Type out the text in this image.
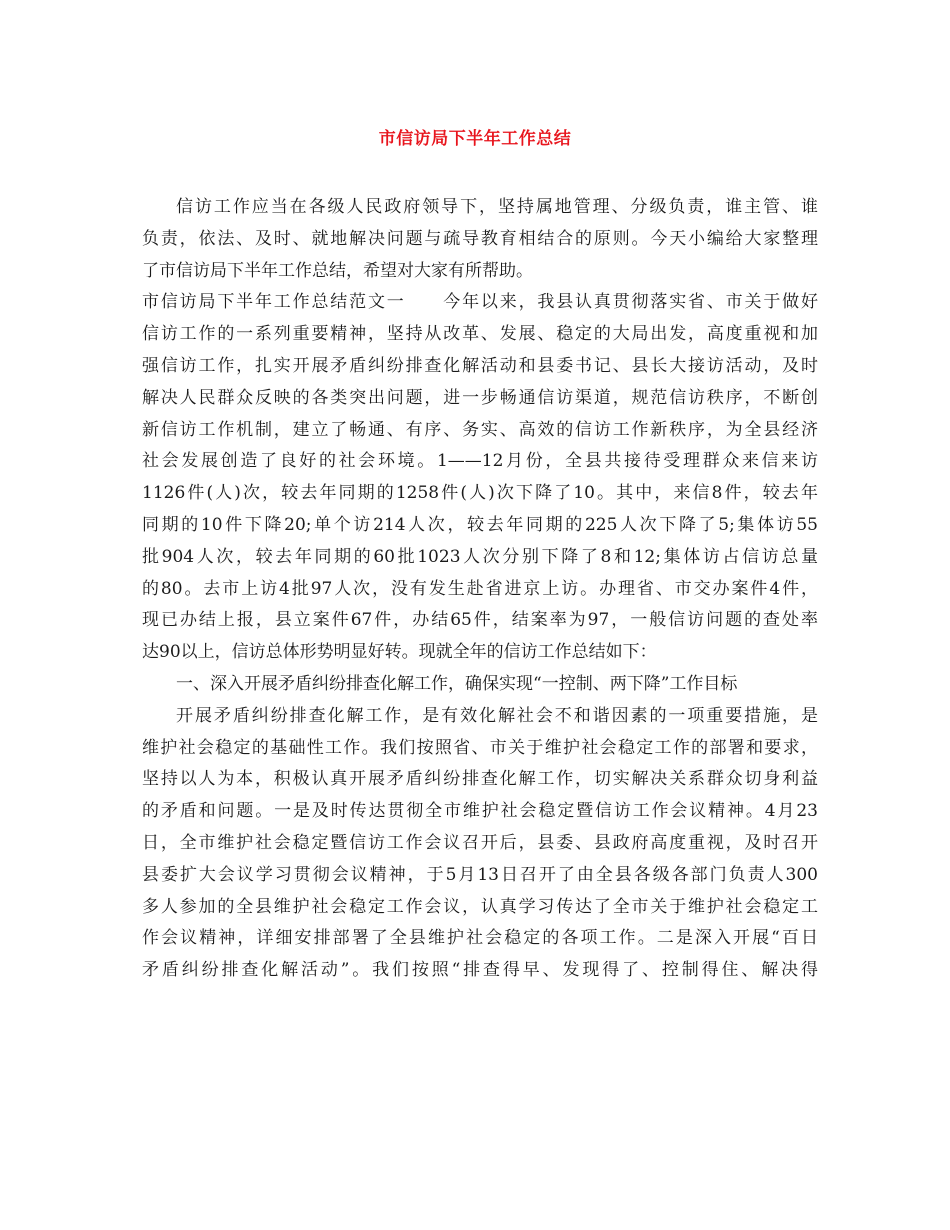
市信访局下半年工作总结
信访工作应当在各级人民政府领导下，坚持属地管理、分级负责，谁主管、谁
负责，依法、及时、就地解决问题与疏导教育相结合的原则。今天小编给大家整理
了市信访局下半年工作总结，希望对大家有所帮助。
市信访局下半年工作总结范文一　　今年以来，我县认真贯彻落实省、市关于做好
信访工作的一系列重要精神，坚持从改革、发展、稳定的大局出发，高度重视和加
强信访工作，扎实开展矛盾纠纷排查化解活动和县委书记、县长大接访活动，及时
解决人民群众反映的各类突出问题，进一步畅通信访渠道，规范信访秩序，不断创
新信访工作机制，建立了畅通、有序、务实、高效的信访工作新秩序，为全县经济
社会发展创造了良好的社会环境。1——12月份，全县共接待受理群众来信来访
1126件(人)次，较去年同期的1258件(人)次下降了10。其中，来信8件，较去年
同期的10件下降20;单个访214人次，较去年同期的225人次下降了5;集体访55
批904人次，较去年同期的60批1023人次分别下降了8和12;集体访占信访总量
的80。去市上访4批97人次，没有发生赴省进京上访。办理省、市交办案件4件，
现已办结上报，县立案件67件，办结65件，结案率为97，一般信访问题的查处率
达90以上，信访总体形势明显好转。现就全年的信访工作总结如下：
一、深入开展矛盾纠纷排查化解工作，确保实现“一控制、两下降”工作目标
开展矛盾纠纷排查化解工作，是有效化解社会不和谐因素的一项重要措施，是
维护社会稳定的基础性工作。我们按照省、市关于维护社会稳定工作的部署和要求，
坚持以人为本，积极认真开展矛盾纠纷排查化解工作，切实解决关系群众切身利益
的矛盾和问题。一是及时传达贯彻全市维护社会稳定暨信访工作会议精神。4月23
日，全市维护社会稳定暨信访工作会议召开后，县委、县政府高度重视，及时召开
县委扩大会议学习贯彻会议精神，于5月13日召开了由全县各级各部门负责人300
多人参加的全县维护社会稳定工作会议，认真学习传达了全市关于维护社会稳定工
作会议精神，详细安排部署了全县维护社会稳定的各项工作。二是深入开展“百日
矛盾纠纷排查化解活动”。我们按照“排查得早、发现得了、控制得住、解决得
